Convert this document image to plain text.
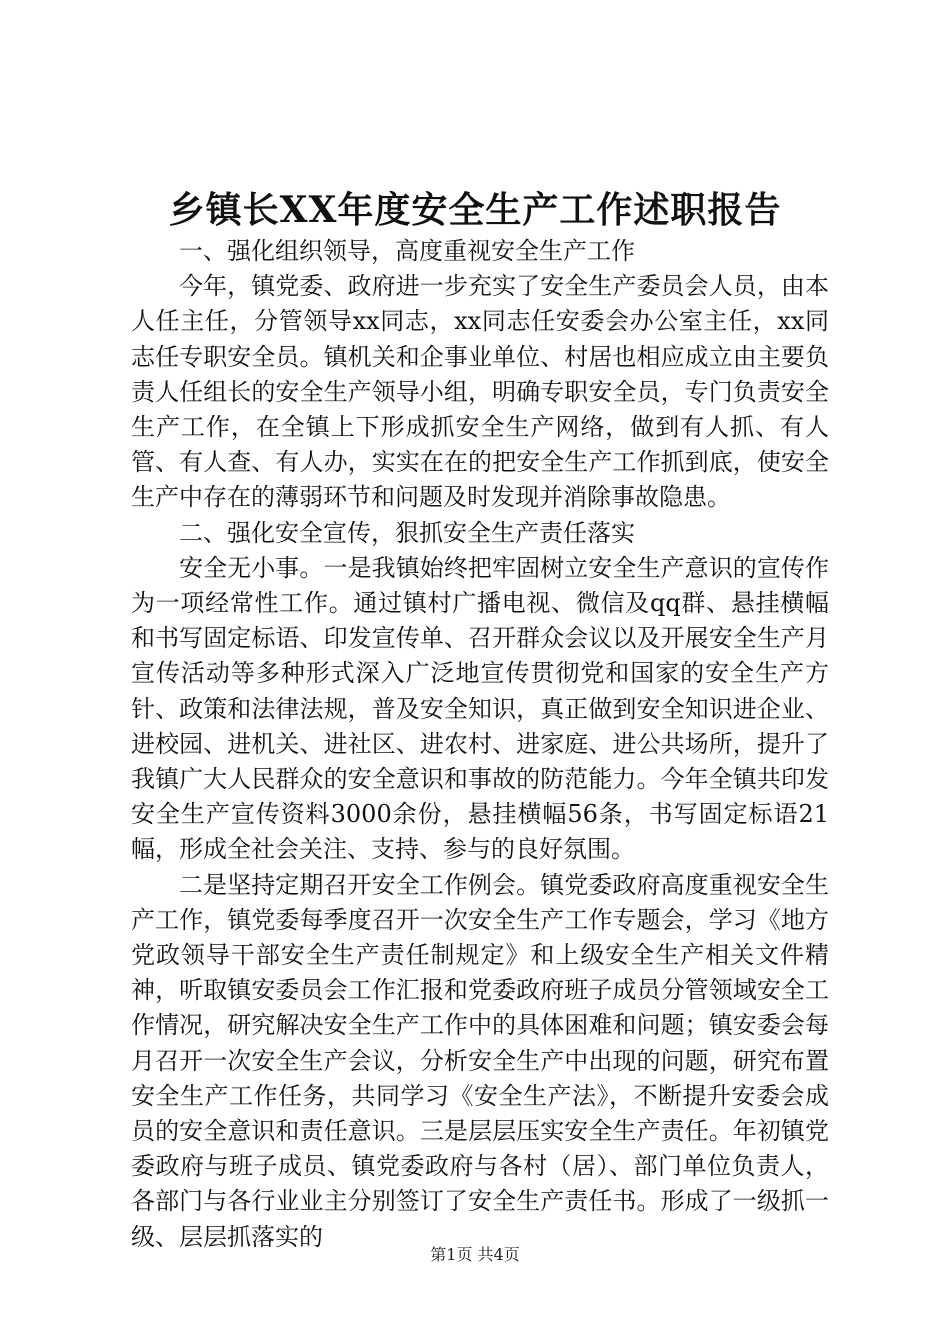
乡镇长XX年度安全生产工作述职报告

一、强化组织领导，高度重视安全生产工作

今年，镇党委、政府进一步充实了安全生产委员会人员，由本人任主任，分管领导xx同志，xx同志任安委会办公室主任，xx同志任专职安全员。镇机关和企事业单位、村居也相应成立由主要负责人任组长的安全生产领导小组，明确专职安全员，专门负责安全生产工作，在全镇上下形成抓安全生产网络，做到有人抓、有人管、有人查、有人办，实实在在的把安全生产工作抓到底，使安全生产中存在的薄弱环节和问题及时发现并消除事故隐患。

二、强化安全宣传，狠抓安全生产责任落实

安全无小事。一是我镇始终把牢固树立安全生产意识的宣传作为一项经常性工作。通过镇村广播电视、微信及qq群、悬挂横幅和书写固定标语、印发宣传单、召开群众会议以及开展安全生产月宣传活动等多种形式深入广泛地宣传贯彻党和国家的安全生产方针、政策和法律法规，普及安全知识，真正做到安全知识进企业、进校园、进机关、进社区、进农村、进家庭、进公共场所，提升了我镇广大人民群众的安全意识和事故的防范能力。今年全镇共印发安全生产宣传资料3000余份，悬挂横幅56条，书写固定标语21幅，形成全社会关注、支持、参与的良好氛围。

二是坚持定期召开安全工作例会。镇党委政府高度重视安全生产工作，镇党委每季度召开一次安全生产工作专题会，学习《地方党政领导干部安全生产责任制规定》和上级安全生产相关文件精神，听取镇安委员会工作汇报和党委政府班子成员分管领域安全工作情况，研究解决安全生产工作中的具体困难和问题；镇安委会每月召开一次安全生产会议，分析安全生产中出现的问题，研究布置安全生产工作任务，共同学习《安全生产法》，不断提升安委会成员的安全意识和责任意识。三是层层压实安全生产责任。年初镇党委政府与班子成员、镇党委政府与各村（居）、部门单位负责人，各部门与各行业业主分别签订了安全生产责任书。形成了一级抓一级、层层抓落实的

第1页 共4页
